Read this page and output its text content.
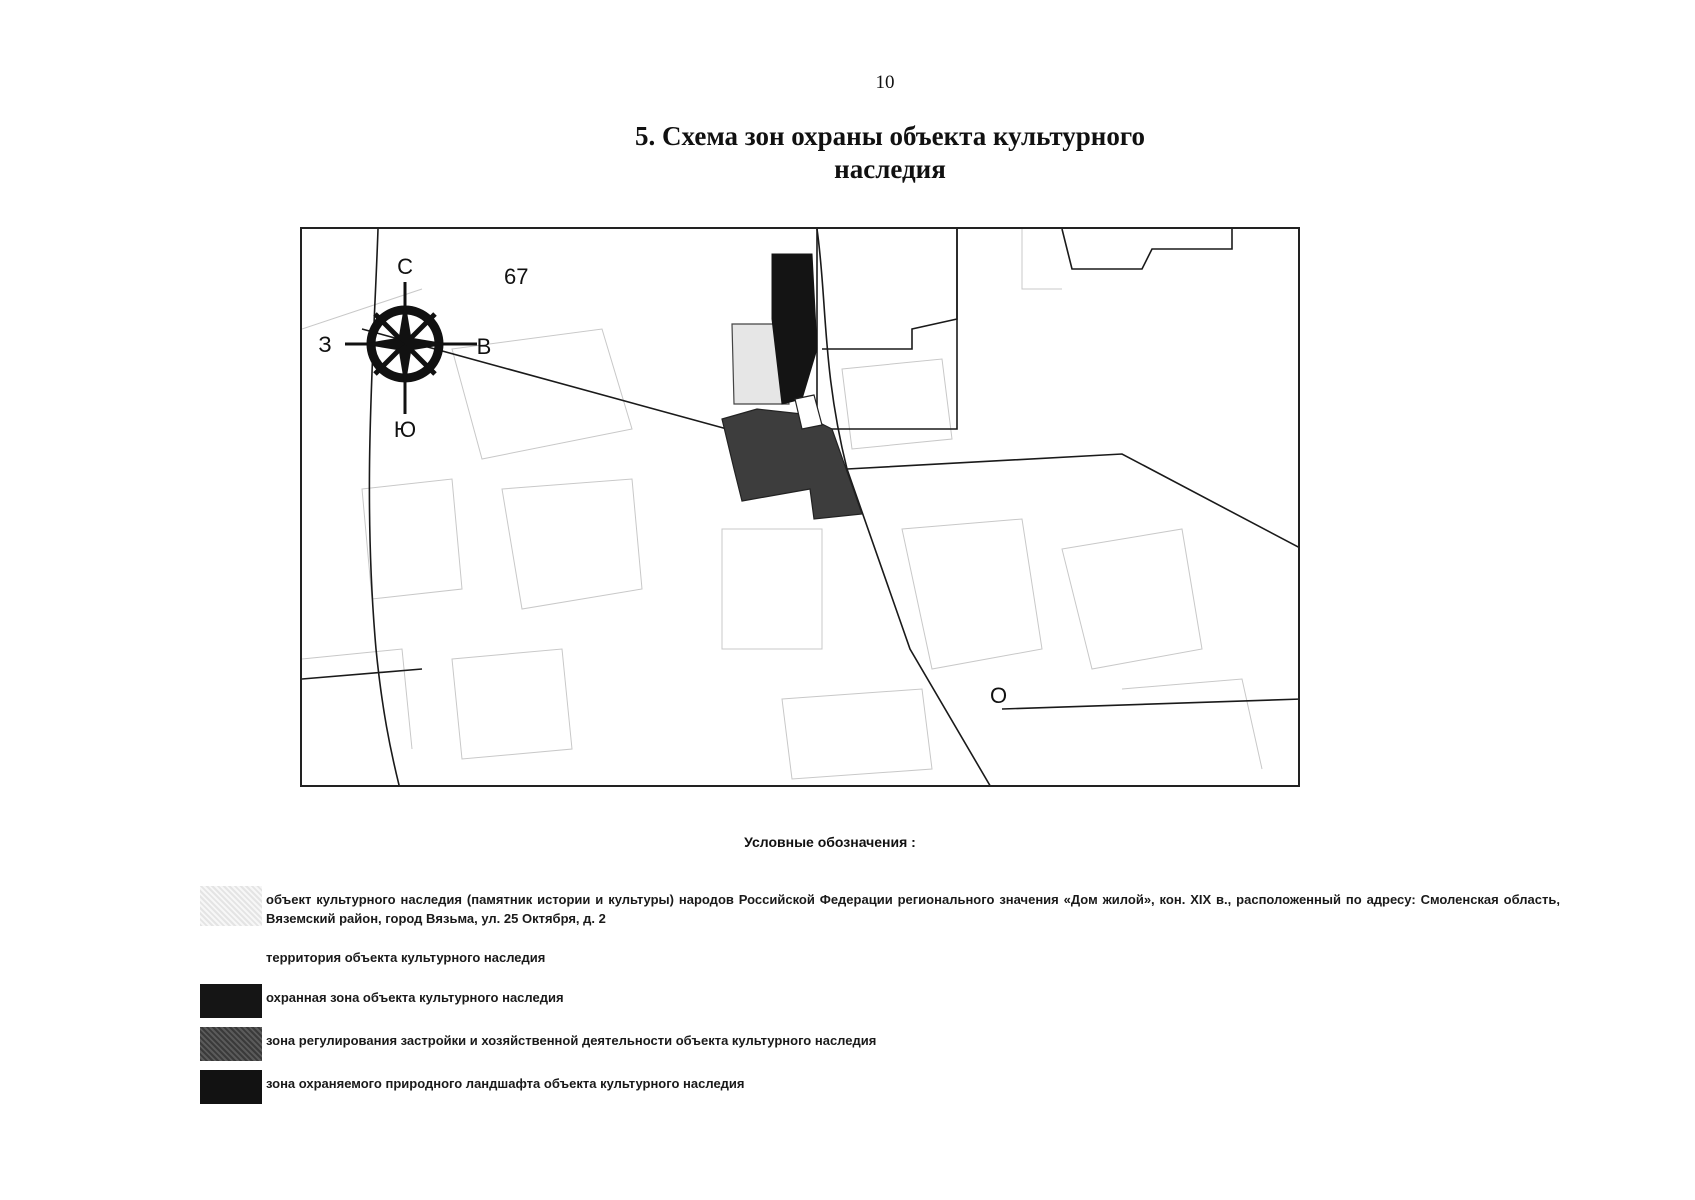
10
5. Схема зон охраны объекта культурного
наследия
С
Ю
З	В
67
О
Условные обозначения :
объект культурного наследия (памятник истории и культуры) народов Российской Федерации регионального значения «Дом жилой», кон. XIX в., расположенный по адресу: Смоленская область, Вяземский район, город Вязьма, ул. 25 Октября, д. 2
территория объекта культурного наследия
охранная зона объекта культурного наследия
зона регулирования застройки и хозяйственной деятельности объекта культурного наследия
зона охраняемого природного ландшафта объекта культурного наследия
